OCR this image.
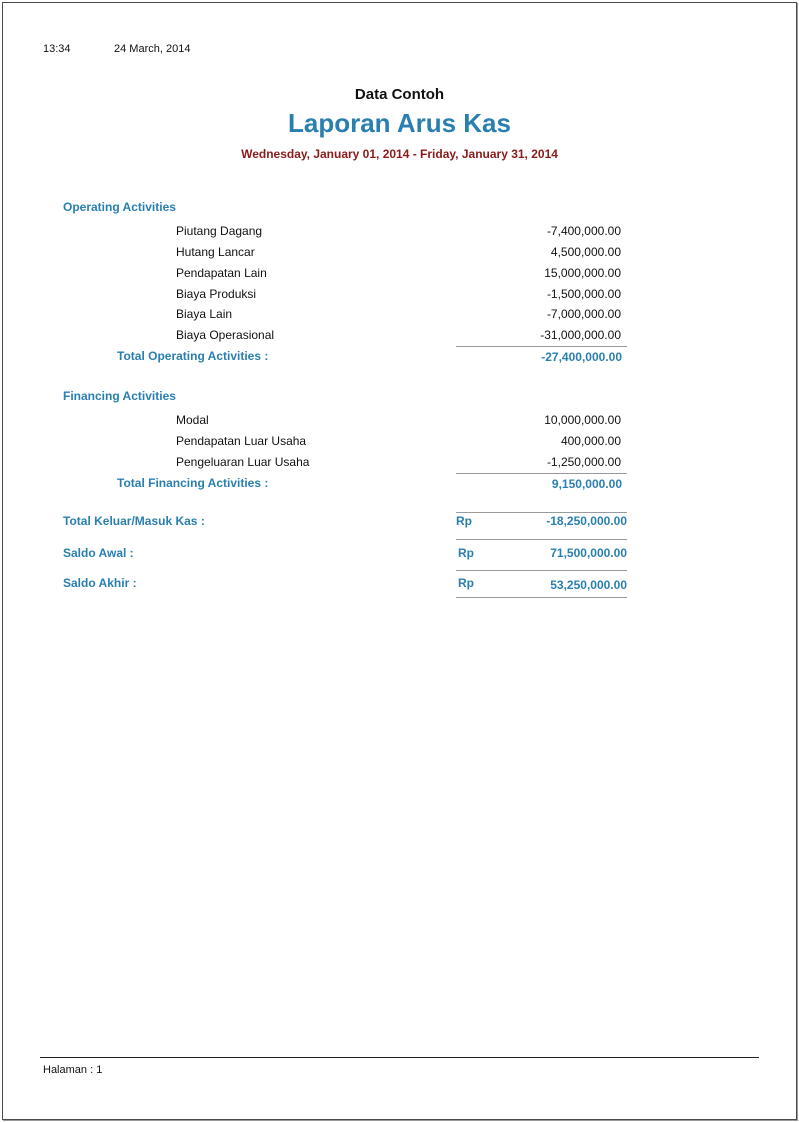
13:34	24 March, 2014
Data Contoh
Laporan Arus Kas
Wednesday, January 01, 2014 - Friday, January 31, 2014
Operating Activities
Piutang Dagang	-7,400,000.00
Hutang Lancar	4,500,000.00
Pendapatan Lain	15,000,000.00
Biaya Produksi	-1,500,000.00
Biaya Lain	-7,000,000.00
Biaya Operasional	-31,000,000.00
Total Operating Activities :	-27,400,000.00
Financing Activities
Modal	10,000,000.00
Pendapatan Luar Usaha	400,000.00
Pengeluaran Luar Usaha	-1,250,000.00
Total Financing Activities :	9,150,000.00
Total Keluar/Masuk Kas :	Rp	-18,250,000.00
Saldo Awal :	Rp	71,500,000.00
Saldo Akhir :	Rp	53,250,000.00
Halaman : 1
